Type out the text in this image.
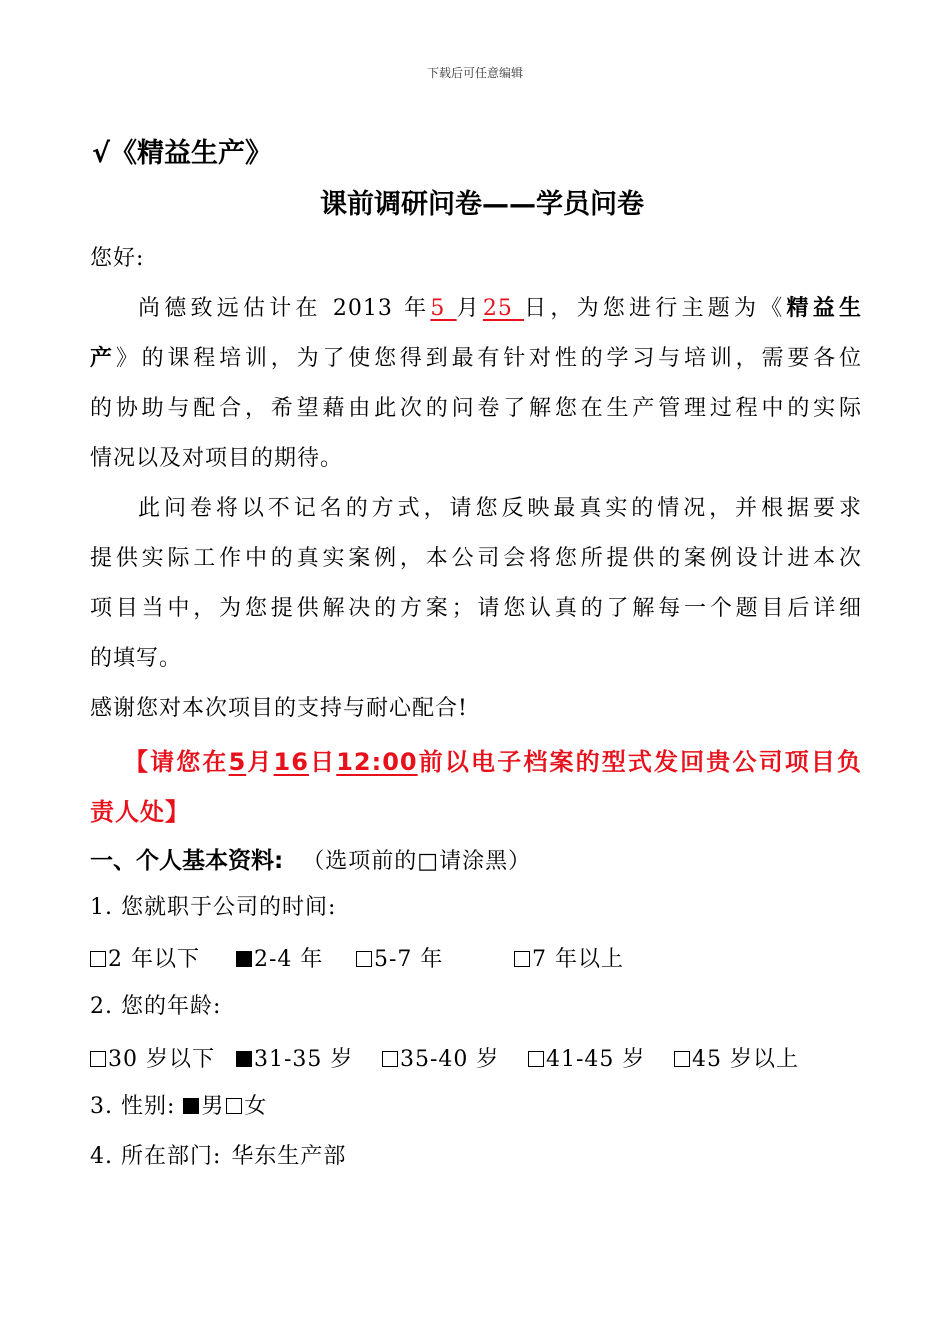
下载后可任意编辑
√《精益生产》
课前调研问卷——学员问卷
您好:
尚德致远估计在 2013 年5 月25 日，为您进行主题为《精益生
产》的课程培训，为了使您得到最有针对性的学习与培训，需要各位
的协助与配合，希望藉由此次的问卷了解您在生产管理过程中的实际
情况以及对项目的期待。
此问卷将以不记名的方式，请您反映最真实的情况，并根据要求
提供实际工作中的真实案例，本公司会将您所提供的案例设计进本次
项目当中，为您提供解决的方案；请您认真的了解每一个题目后详细
的填写。
感谢您对本次项目的支持与耐心配合!
【请您在5月16日12:00前以电子档案的型式发回贵公司项目负
责人处】
一、个人基本资料: （选项前的□请涂黑）
1. 您就职于公司的时间:
2 年以下	2-4 年	5-7 年	7 年以上
2. 您的年龄:
30 岁以下	31-35 岁	35-40 岁	41-45 岁	45 岁以上
3. 性别: 男 女
4. 所在部门: 华东生产部
